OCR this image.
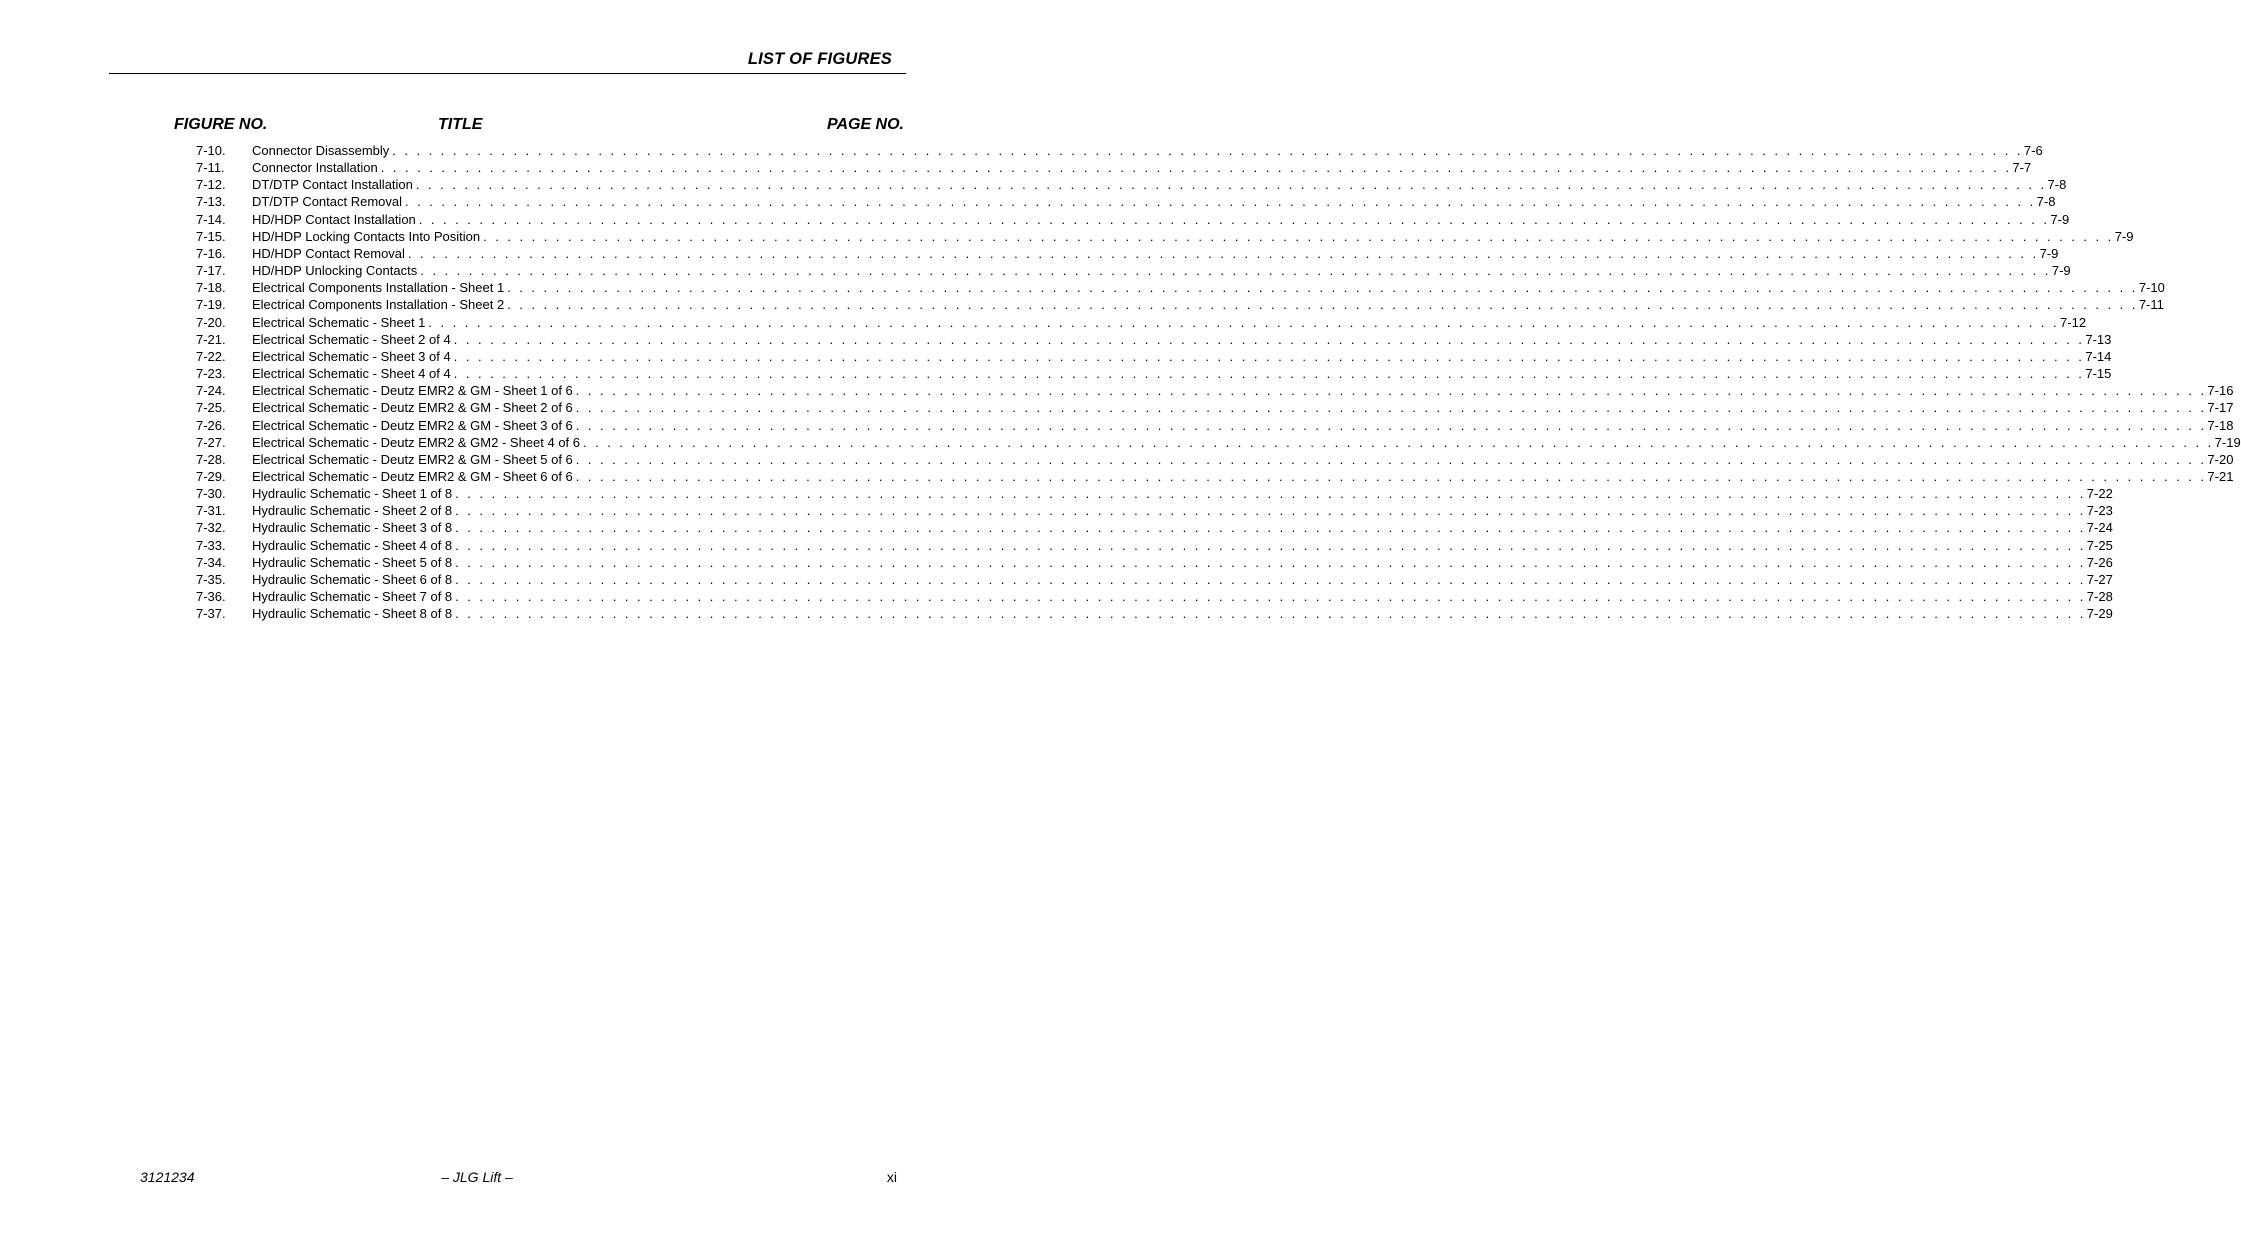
LIST OF FIGURES
FIGURE NO.	TITLE	PAGE NO.
7-10.	Connector Disassembly . . . . . . . . . . . . . . . . . . . . . . . . . . . . . . . . . . . . . . . . . . . . . . . . . . . . . . . . . . . . . . . . . . . . . . . . . . . . . . . . . . . . . . . . . . . . . . . . . . . . . . . . . . . . . . . . . . . . . . . . . . . . . . . . . . . . . . . 7-6
7-11.	Connector Installation . . . . . . . . . . . . . . . . . . . . . . . . . . . . . . . . . . . . . . . . . . . . . . . . . . . . . . . . . . . . . . . . . . . . . . . . . . . . . . . . . . . . . . . . . . . . . . . . . . . . . . . . . . . . . . . . . . . . . . . . . . . . . . . . . . . . . . . 7-7
7-12.	DT/DTP Contact Installation . . . . . . . . . . . . . . . . . . . . . . . . . . . . . . . . . . . . . . . . . . . . . . . . . . . . . . . . . . . . . . . . . . . . . . . . . . . . . . . . . . . . . . . . . . . . . . . . . . . . . . . . . . . . . . . . . . . . . . . . . . . . . . . . . . . . . . . 7-8
7-13.	DT/DTP Contact Removal . . . . . . . . . . . . . . . . . . . . . . . . . . . . . . . . . . . . . . . . . . . . . . . . . . . . . . . . . . . . . . . . . . . . . . . . . . . . . . . . . . . . . . . . . . . . . . . . . . . . . . . . . . . . . . . . . . . . . . . . . . . . . . . . . . . . . . . 7-8
7-14.	HD/HDP Contact Installation . . . . . . . . . . . . . . . . . . . . . . . . . . . . . . . . . . . . . . . . . . . . . . . . . . . . . . . . . . . . . . . . . . . . . . . . . . . . . . . . . . . . . . . . . . . . . . . . . . . . . . . . . . . . . . . . . . . . . . . . . . . . . . . . . . . . . . . 7-9
7-15.	HD/HDP Locking Contacts Into Position . . . . . . . . . . . . . . . . . . . . . . . . . . . . . . . . . . . . . . . . . . . . . . . . . . . . . . . . . . . . . . . . . . . . . . . . . . . . . . . . . . . . . . . . . . . . . . . . . . . . . . . . . . . . . . . . . . . . . . . . . . . . . . . . . . . . . . . 7-9
7-16.	HD/HDP Contact Removal . . . . . . . . . . . . . . . . . . . . . . . . . . . . . . . . . . . . . . . . . . . . . . . . . . . . . . . . . . . . . . . . . . . . . . . . . . . . . . . . . . . . . . . . . . . . . . . . . . . . . . . . . . . . . . . . . . . . . . . . . . . . . . . . . . . . . . . 7-9
7-17.	HD/HDP Unlocking Contacts . . . . . . . . . . . . . . . . . . . . . . . . . . . . . . . . . . . . . . . . . . . . . . . . . . . . . . . . . . . . . . . . . . . . . . . . . . . . . . . . . . . . . . . . . . . . . . . . . . . . . . . . . . . . . . . . . . . . . . . . . . . . . . . . . . . . . . . 7-9
7-18.	Electrical Components Installation - Sheet 1 . . . . . . . . . . . . . . . . . . . . . . . . . . . . . . . . . . . . . . . . . . . . . . . . . . . . . . . . . . . . . . . . . . . . . . . . . . . . . . . . . . . . . . . . . . . . . . . . . . . . . . . . . . . . . . . . . . . . . . . . . . . . . . . . . . . . . . . 7-10
7-19.	Electrical Components Installation - Sheet 2 . . . . . . . . . . . . . . . . . . . . . . . . . . . . . . . . . . . . . . . . . . . . . . . . . . . . . . . . . . . . . . . . . . . . . . . . . . . . . . . . . . . . . . . . . . . . . . . . . . . . . . . . . . . . . . . . . . . . . . . . . . . . . . . . . . . . . . . 7-11
7-20.	Electrical Schematic - Sheet 1 . . . . . . . . . . . . . . . . . . . . . . . . . . . . . . . . . . . . . . . . . . . . . . . . . . . . . . . . . . . . . . . . . . . . . . . . . . . . . . . . . . . . . . . . . . . . . . . . . . . . . . . . . . . . . . . . . . . . . . . . . . . . . . . . . . . . . . . 7-12
7-21.	Electrical Schematic - Sheet 2 of 4 . . . . . . . . . . . . . . . . . . . . . . . . . . . . . . . . . . . . . . . . . . . . . . . . . . . . . . . . . . . . . . . . . . . . . . . . . . . . . . . . . . . . . . . . . . . . . . . . . . . . . . . . . . . . . . . . . . . . . . . . . . . . . . . . . . . . . . . 7-13
7-22.	Electrical Schematic - Sheet 3 of 4 . . . . . . . . . . . . . . . . . . . . . . . . . . . . . . . . . . . . . . . . . . . . . . . . . . . . . . . . . . . . . . . . . . . . . . . . . . . . . . . . . . . . . . . . . . . . . . . . . . . . . . . . . . . . . . . . . . . . . . . . . . . . . . . . . . . . . . . 7-14
7-23.	Electrical Schematic - Sheet 4 of 4 . . . . . . . . . . . . . . . . . . . . . . . . . . . . . . . . . . . . . . . . . . . . . . . . . . . . . . . . . . . . . . . . . . . . . . . . . . . . . . . . . . . . . . . . . . . . . . . . . . . . . . . . . . . . . . . . . . . . . . . . . . . . . . . . . . . . . . . 7-15
7-24.	Electrical Schematic - Deutz EMR2 & GM - Sheet 1 of 6 . . . . . . . . . . . . . . . . . . . . . . . . . . . . . . . . . . . . . . . . . . . . . . . . . . . . . . . . . . . . . . . . . . . . . . . . . . . . . . . . . . . . . . . . . . . . . . . . . . . . . . . . . . . . . . . . . . . . . . . . . . . . . . . . . . . . . . . 7-16
7-25.	Electrical Schematic - Deutz EMR2 & GM - Sheet 2 of 6 . . . . . . . . . . . . . . . . . . . . . . . . . . . . . . . . . . . . . . . . . . . . . . . . . . . . . . . . . . . . . . . . . . . . . . . . . . . . . . . . . . . . . . . . . . . . . . . . . . . . . . . . . . . . . . . . . . . . . . . . . . . . . . . . . . . . . . . 7-17
7-26.	Electrical Schematic - Deutz EMR2 & GM - Sheet 3 of 6 . . . . . . . . . . . . . . . . . . . . . . . . . . . . . . . . . . . . . . . . . . . . . . . . . . . . . . . . . . . . . . . . . . . . . . . . . . . . . . . . . . . . . . . . . . . . . . . . . . . . . . . . . . . . . . . . . . . . . . . . . . . . . . . . . . . . . . . 7-18
7-27.	Electrical Schematic - Deutz EMR2 & GM2 - Sheet 4 of 6 . . . . . . . . . . . . . . . . . . . . . . . . . . . . . . . . . . . . . . . . . . . . . . . . . . . . . . . . . . . . . . . . . . . . . . . . . . . . . . . . . . . . . . . . . . . . . . . . . . . . . . . . . . . . . . . . . . . . . . . . . . . . . . . . . . . . . . . 7-19
7-28.	Electrical Schematic - Deutz EMR2 & GM - Sheet 5 of 6 . . . . . . . . . . . . . . . . . . . . . . . . . . . . . . . . . . . . . . . . . . . . . . . . . . . . . . . . . . . . . . . . . . . . . . . . . . . . . . . . . . . . . . . . . . . . . . . . . . . . . . . . . . . . . . . . . . . . . . . . . . . . . . . . . . . . . . . 7-20
7-29.	Electrical Schematic - Deutz EMR2 & GM - Sheet 6 of 6 . . . . . . . . . . . . . . . . . . . . . . . . . . . . . . . . . . . . . . . . . . . . . . . . . . . . . . . . . . . . . . . . . . . . . . . . . . . . . . . . . . . . . . . . . . . . . . . . . . . . . . . . . . . . . . . . . . . . . . . . . . . . . . . . . . . . . . . 7-21
7-30.	Hydraulic Schematic - Sheet 1 of 8 . . . . . . . . . . . . . . . . . . . . . . . . . . . . . . . . . . . . . . . . . . . . . . . . . . . . . . . . . . . . . . . . . . . . . . . . . . . . . . . . . . . . . . . . . . . . . . . . . . . . . . . . . . . . . . . . . . . . . . . . . . . . . . . . . . . . . . . 7-22
7-31.	Hydraulic Schematic - Sheet 2 of 8 . . . . . . . . . . . . . . . . . . . . . . . . . . . . . . . . . . . . . . . . . . . . . . . . . . . . . . . . . . . . . . . . . . . . . . . . . . . . . . . . . . . . . . . . . . . . . . . . . . . . . . . . . . . . . . . . . . . . . . . . . . . . . . . . . . . . . . . 7-23
7-32.	Hydraulic Schematic - Sheet 3 of 8 . . . . . . . . . . . . . . . . . . . . . . . . . . . . . . . . . . . . . . . . . . . . . . . . . . . . . . . . . . . . . . . . . . . . . . . . . . . . . . . . . . . . . . . . . . . . . . . . . . . . . . . . . . . . . . . . . . . . . . . . . . . . . . . . . . . . . . . 7-24
7-33.	Hydraulic Schematic - Sheet 4 of 8 . . . . . . . . . . . . . . . . . . . . . . . . . . . . . . . . . . . . . . . . . . . . . . . . . . . . . . . . . . . . . . . . . . . . . . . . . . . . . . . . . . . . . . . . . . . . . . . . . . . . . . . . . . . . . . . . . . . . . . . . . . . . . . . . . . . . . . . 7-25
7-34.	Hydraulic Schematic - Sheet 5 of 8 . . . . . . . . . . . . . . . . . . . . . . . . . . . . . . . . . . . . . . . . . . . . . . . . . . . . . . . . . . . . . . . . . . . . . . . . . . . . . . . . . . . . . . . . . . . . . . . . . . . . . . . . . . . . . . . . . . . . . . . . . . . . . . . . . . . . . . . 7-26
7-35.	Hydraulic Schematic - Sheet 6 of 8 . . . . . . . . . . . . . . . . . . . . . . . . . . . . . . . . . . . . . . . . . . . . . . . . . . . . . . . . . . . . . . . . . . . . . . . . . . . . . . . . . . . . . . . . . . . . . . . . . . . . . . . . . . . . . . . . . . . . . . . . . . . . . . . . . . . . . . . 7-27
7-36.	Hydraulic Schematic - Sheet 7 of 8 . . . . . . . . . . . . . . . . . . . . . . . . . . . . . . . . . . . . . . . . . . . . . . . . . . . . . . . . . . . . . . . . . . . . . . . . . . . . . . . . . . . . . . . . . . . . . . . . . . . . . . . . . . . . . . . . . . . . . . . . . . . . . . . . . . . . . . . 7-28
7-37.	Hydraulic Schematic - Sheet 8 of 8 . . . . . . . . . . . . . . . . . . . . . . . . . . . . . . . . . . . . . . . . . . . . . . . . . . . . . . . . . . . . . . . . . . . . . . . . . . . . . . . . . . . . . . . . . . . . . . . . . . . . . . . . . . . . . . . . . . . . . . . . . . . . . . . . . . . . . . . 7-29
3121234	– JLG Lift –	xi
